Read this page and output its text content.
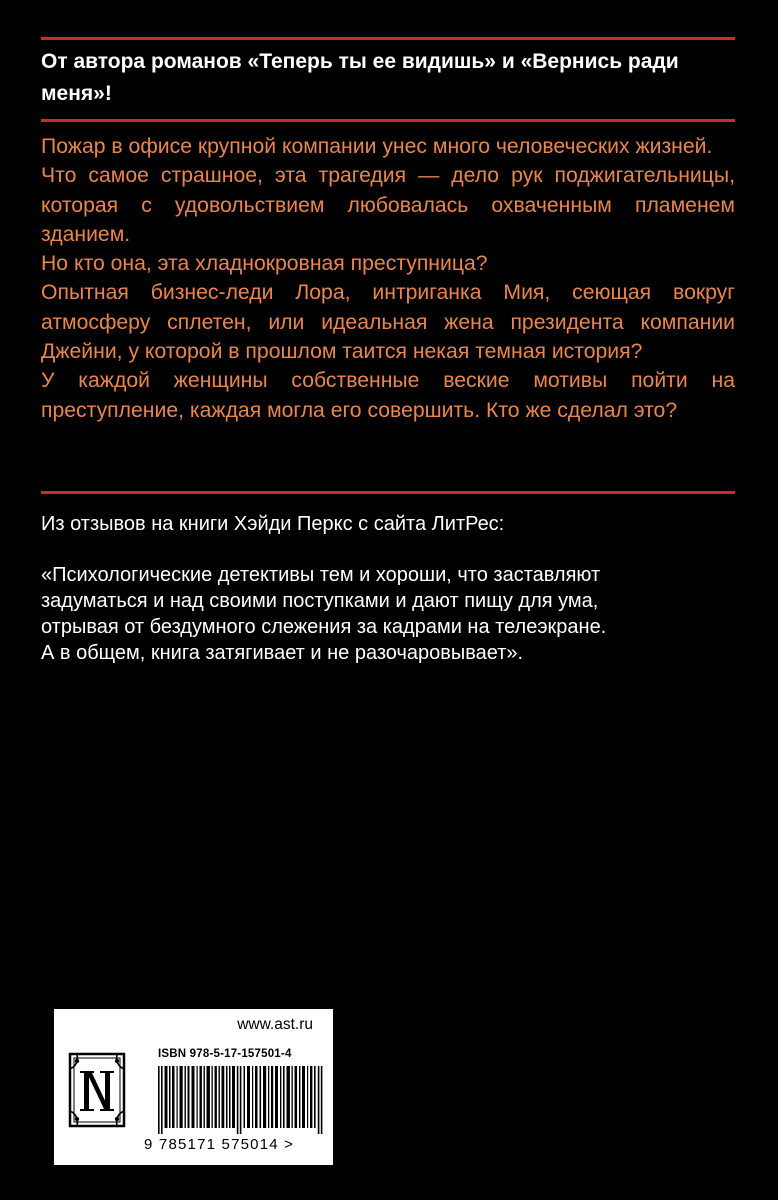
От автора романов «Теперь ты ее видишь» и «Вернись ради меня»!

Пожар в офисе крупной компании унес много человеческих жизней.

Что самое страшное, эта трагедия — дело рук поджигательницы, которая с удовольствием любовалась охваченным пламенем зданием.

Но кто она, эта хладнокровная преступница?

Опытная бизнес-леди Лора, интриганка Мия, сеющая вокруг атмосферу сплетен, или идеальная жена президента компании Джейни, у которой в прошлом таится некая темная история?

У каждой женщины собственные веские мотивы пойти на преступление, каждая могла его совершить. Кто же сделал это?

Из отзывов на книги Хэйди Перкс с сайта ЛитРес:

«Психологические детективы тем и хороши, что заставляют
задуматься и над своими поступками и дают пищу для ума,
отрывая от бездумного слежения за кадрами на телеэкране.
А в общем, книга затягивает и не разочаровывает».

www.ast.ru
ISBN 978-5-17-157501-4
9 785171 575014 >
